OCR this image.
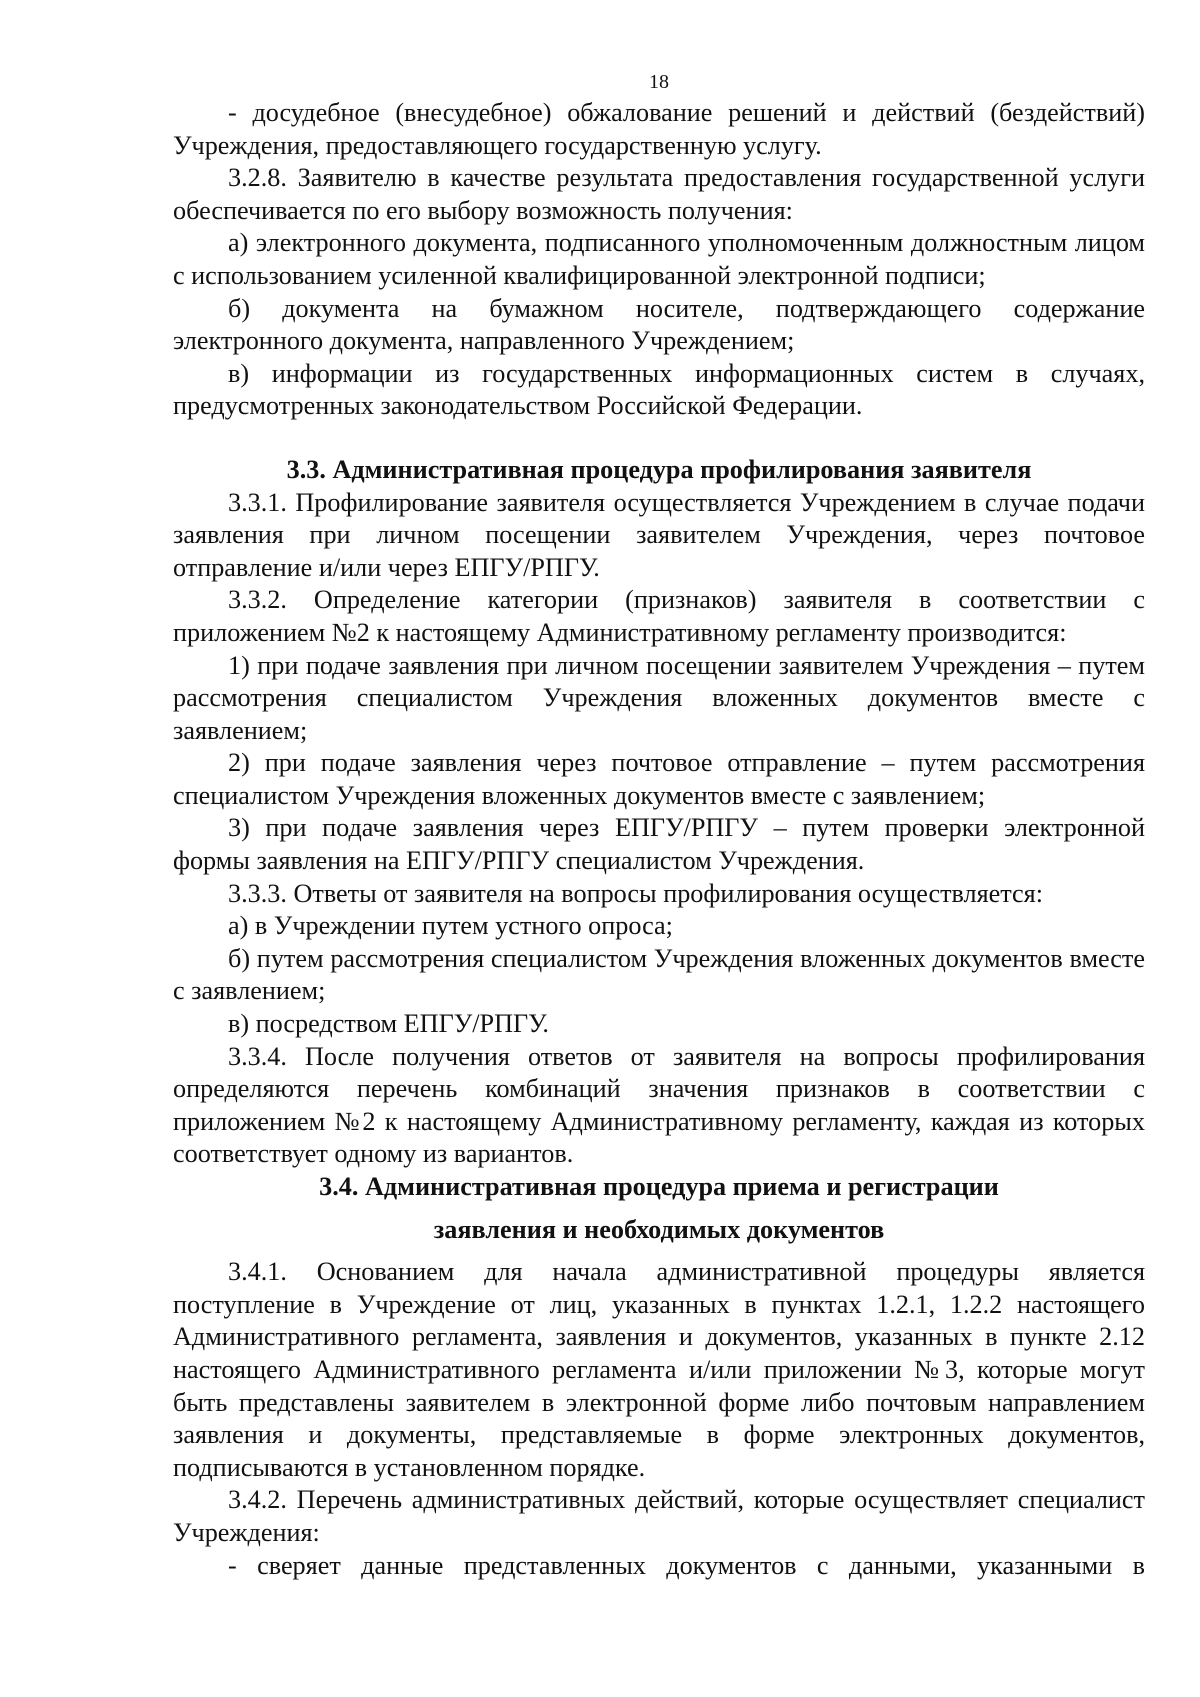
18

- досудебное (внесудебное) обжалование решений и действий (бездействий) Учреждения, предоставляющего государственную услугу.

3.2.8. Заявителю в качестве результата предоставления государственной услуги обеспечивается по его выбору возможность получения:

а) электронного документа, подписанного уполномоченным должностным лицом с использованием усиленной квалифицированной электронной подписи;

б) документа на бумажном носителе, подтверждающего содержание электронного документа, направленного Учреждением;

в) информации из государственных информационных систем в случаях, предусмотренных законодательством Российской Федерации.

3.3. Административная процедура профилирования заявителя

3.3.1. Профилирование заявителя осуществляется Учреждением в случае подачи заявления при личном посещении заявителем Учреждения, через почтовое отправление и/или через ЕПГУ/РПГУ.

3.3.2. Определение категории (признаков) заявителя в соответствии с приложением №2 к настоящему Административному регламенту производится:

1) при подаче заявления при личном посещении заявителем Учреждения – путем рассмотрения специалистом Учреждения вложенных документов вместе с заявлением;

2) при подаче заявления через почтовое отправление – путем рассмотрения специалистом Учреждения вложенных документов вместе с заявлением;

3) при подаче заявления через ЕПГУ/РПГУ – путем проверки электронной формы заявления на ЕПГУ/РПГУ специалистом Учреждения.

3.3.3. Ответы от заявителя на вопросы профилирования осуществляется:

а) в Учреждении путем устного опроса;

б) путем рассмотрения специалистом Учреждения вложенных документов вместе с заявлением;

в) посредством ЕПГУ/РПГУ.

3.3.4. После получения ответов от заявителя на вопросы профилирования определяются перечень комбинаций значения признаков в соответствии с приложением №2 к настоящему Административному регламенту, каждая из которых соответствует одному из вариантов.

3.4. Административная процедура приема и регистрации

заявления и необходимых документов

3.4.1. Основанием для начала административной процедуры является поступление в Учреждение от лиц, указанных в пунктах 1.2.1, 1.2.2 настоящего Административного регламента, заявления и документов, указанных в пункте 2.12 настоящего Административного регламента и/или приложении №3, которые могут быть представлены заявителем в электронной форме либо почтовым направлением заявления и документы, представляемые в форме электронных документов, подписываются в установленном порядке.

3.4.2. Перечень административных действий, которые осуществляет специалист Учреждения:

- сверяет данные представленных документов с данными, указанными в
